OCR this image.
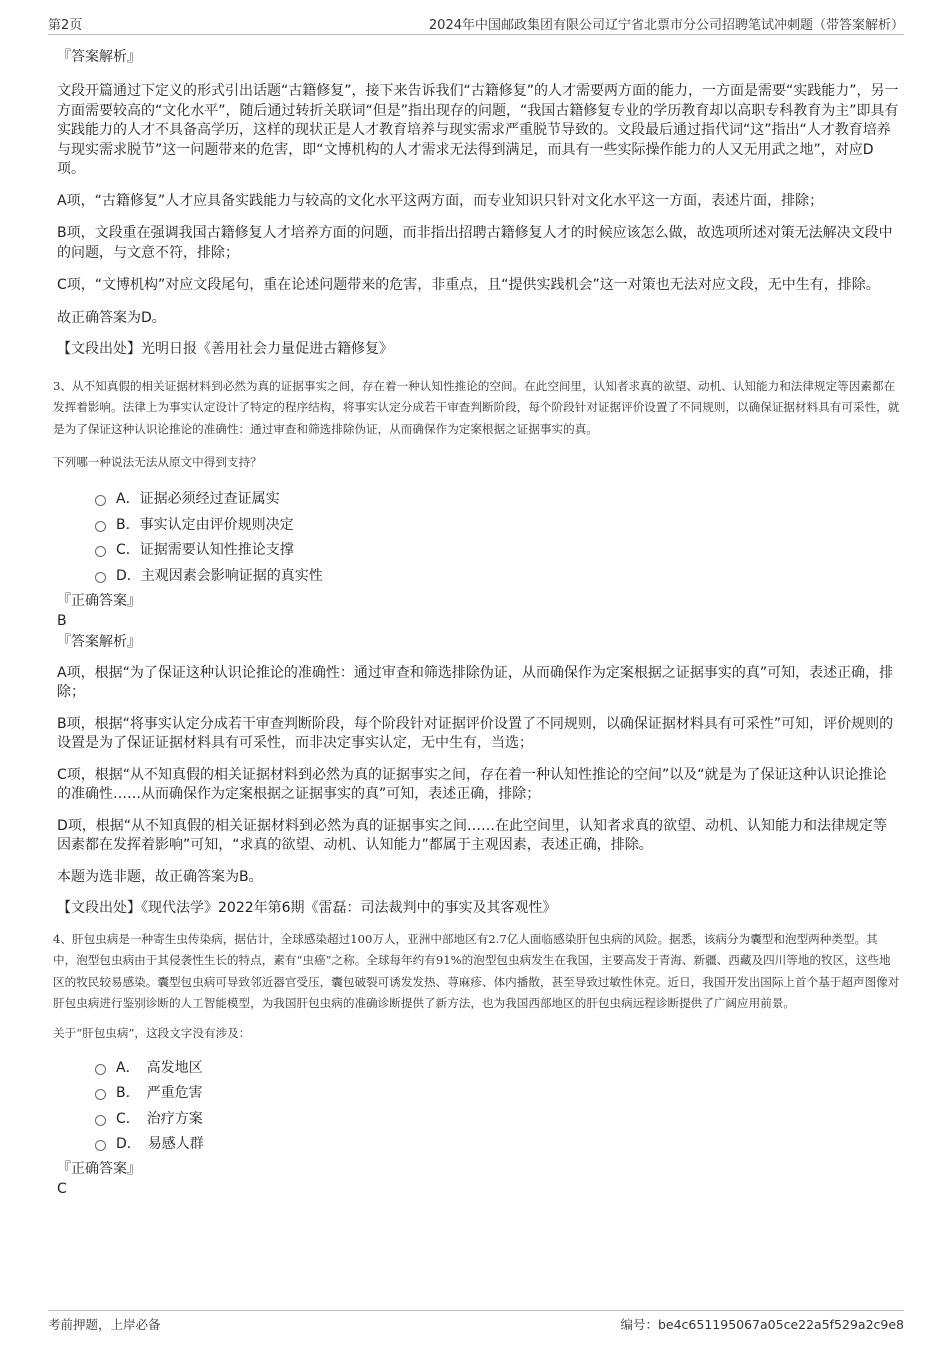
第2页	2024年中国邮政集团有限公司辽宁省北票市分公司招聘笔试冲刺题（带答案解析）

『答案解析』

文段开篇通过下定义的形式引出话题“古籍修复”，接下来告诉我们“古籍修复”的人才需要两方面的能力，一方面是需要“实践能力”，另一方面需要较高的“文化水平”，随后通过转折关联词“但是”指出现存的问题，“我国古籍修复专业的学历教育却以高职专科教育为主”即具有实践能力的人才不具备高学历，这样的现状正是人才教育培养与现实需求严重脱节导致的。文段最后通过指代词“这”指出“人才教育培养与现实需求脱节”这一问题带来的危害，即“文博机构的人才需求无法得到满足，而具有一些实际操作能力的人又无用武之地”，对应D项。

A项，“古籍修复”人才应具备实践能力与较高的文化水平这两方面，而专业知识只针对文化水平这一方面，表述片面，排除；

B项，文段重在强调我国古籍修复人才培养方面的问题，而非指出招聘古籍修复人才的时候应该怎么做，故选项所述对策无法解决文段中的问题，与文意不符，排除；

C项，“文博机构”对应文段尾句，重在论述问题带来的危害，非重点，且“提供实践机会”这一对策也无法对应文段，无中生有，排除。

故正确答案为D。

【文段出处】光明日报《善用社会力量促进古籍修复》

3、从不知真假的相关证据材料到必然为真的证据事实之间，存在着一种认知性推论的空间。在此空间里，认知者求真的欲望、动机、认知能力和法律规定等因素都在发挥着影响。法律上为事实认定设计了特定的程序结构，将事实认定分成若干审查判断阶段，每个阶段针对证据评价设置了不同规则，以确保证据材料具有可采性，就是为了保证这种认识论推论的准确性：通过审查和筛选排除伪证，从而确保作为定案根据之证据事实的真。

下列哪一种说法无法从原文中得到支持？

A．证据必须经过查证属实
B．事实认定由评价规则决定
C．证据需要认知性推论支撑
D．主观因素会影响证据的真实性

『正确答案』

B

『答案解析』

A项，根据“为了保证这种认识论推论的准确性：通过审查和筛选排除伪证，从而确保作为定案根据之证据事实的真”可知，表述正确，排除；

B项，根据“将事实认定分成若干审查判断阶段，每个阶段针对证据评价设置了不同规则，以确保证据材料具有可采性”可知，评价规则的设置是为了保证证据材料具有可采性，而非决定事实认定，无中生有，当选；

C项，根据“从不知真假的相关证据材料到必然为真的证据事实之间，存在着一种认知性推论的空间”以及“就是为了保证这种认识论推论的准确性……从而确保作为定案根据之证据事实的真”可知，表述正确，排除；

D项，根据“从不知真假的相关证据材料到必然为真的证据事实之间……在此空间里，认知者求真的欲望、动机、认知能力和法律规定等因素都在发挥着影响”可知，“求真的欲望、动机、认知能力”都属于主观因素，表述正确，排除。

本题为选非题，故正确答案为B。

【文段出处】《现代法学》2022年第6期《雷磊：司法裁判中的事实及其客观性》

4、肝包虫病是一种寄生虫传染病，据估计，全球感染超过100万人，亚洲中部地区有2.7亿人面临感染肝包虫病的风险。据悉，该病分为囊型和泡型两种类型。其中，泡型包虫病由于其侵袭性生长的特点，素有“虫癌”之称。全球每年约有91%的泡型包虫病发生在我国，主要高发于青海、新疆、西藏及四川等地的牧区，这些地区的牧民较易感染。囊型包虫病可导致邻近器官受压，囊包破裂可诱发发热、荨麻疹、体内播散，甚至导致过敏性休克。近日，我国开发出国际上首个基于超声图像对肝包虫病进行鉴别诊断的人工智能模型，为我国肝包虫病的准确诊断提供了新方法，也为我国西部地区的肝包虫病远程诊断提供了广阔应用前景。

关于“肝包虫病”，这段文字没有涉及：

A．　高发地区
B．　严重危害
C．　治疗方案
D．　易感人群

『正确答案』

C

考前押题，上岸必备	编号：be4c651195067a05ce22a5f529a2c9e8
